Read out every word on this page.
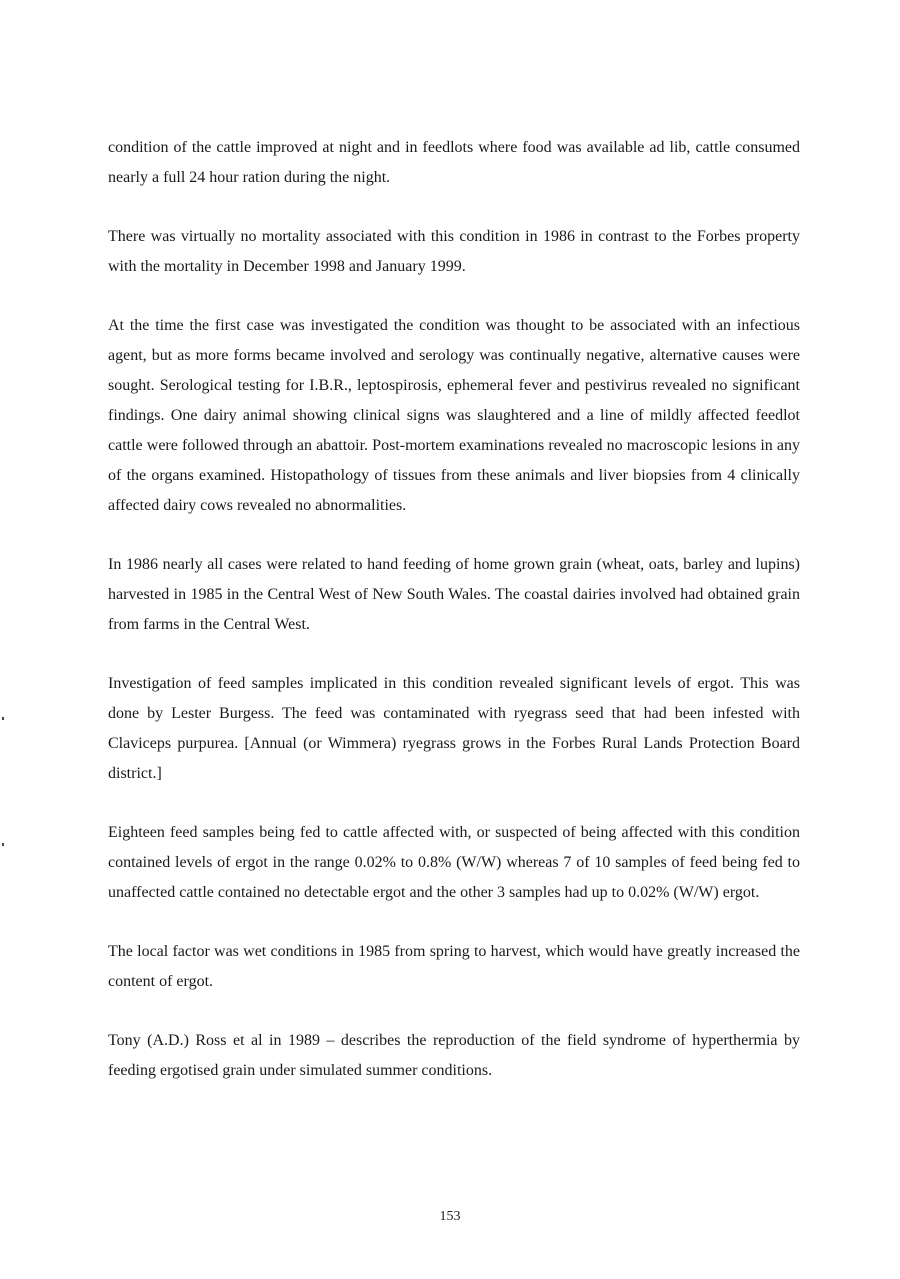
condition of the cattle improved at night and in feedlots where food was available ad lib, cattle consumed nearly a full 24 hour ration during the night.

There was virtually no mortality associated with this condition in 1986 in contrast to the Forbes property with the mortality in December 1998 and January 1999.

At the time the first case was investigated the condition was thought to be associated with an infectious agent, but as more forms became involved and serology was continually negative, alternative causes were sought. Serological testing for I.B.R., leptospirosis, ephemeral fever and pestivirus revealed no significant findings. One dairy animal showing clinical signs was slaughtered and a line of mildly affected feedlot cattle were followed through an abattoir. Post-mortem examinations revealed no macroscopic lesions in any of the organs examined. Histopathology of tissues from these animals and liver biopsies from 4 clinically affected dairy cows revealed no abnormalities.

In 1986 nearly all cases were related to hand feeding of home grown grain (wheat, oats, barley and lupins) harvested in 1985 in the Central West of New South Wales. The coastal dairies involved had obtained grain from farms in the Central West.

Investigation of feed samples implicated in this condition revealed significant levels of ergot. This was done by Lester Burgess. The feed was contaminated with ryegrass seed that had been infested with Claviceps purpurea. [Annual (or Wimmera) ryegrass grows in the Forbes Rural Lands Protection Board district.]

Eighteen feed samples being fed to cattle affected with, or suspected of being affected with this condition contained levels of ergot in the range 0.02% to 0.8% (W/W) whereas 7 of 10 samples of feed being fed to unaffected cattle contained no detectable ergot and the other 3 samples had up to 0.02% (W/W) ergot.

The local factor was wet conditions in 1985 from spring to harvest, which would have greatly increased the content of ergot.

Tony (A.D.) Ross et al in 1989 – describes the reproduction of the field syndrome of hyperthermia by feeding ergotised grain under simulated summer conditions.

153
